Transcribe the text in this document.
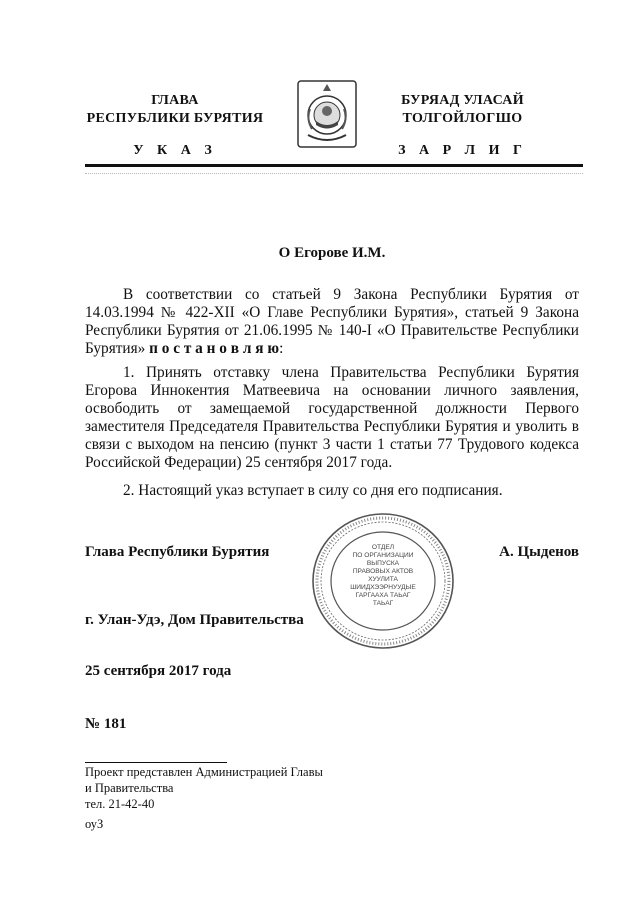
ГЛАВА
РЕСПУБЛИКИ БУРЯТИЯ
БУРЯАД УЛАСАЙ
ТОЛГОЙЛОГШО
У К А З	З А Р Л И Г
О Егорове И.М.
В соответствии со статьей 9 Закона Республики Бурятия от 14.03.1994 № 422-XII «О Главе Республики Бурятия», статьей 9 Закона Республики Бурятия от 21.06.1995 № 140-I «О Правительстве Республики Бурятия» п о с т а н о в л я ю:
1. Принять отставку члена Правительства Республики Бурятия Егорова Иннокентия Матвеевича на основании личного заявления, освободить от замещаемой государственной должности Первого заместителя Председателя Правительства Республики Бурятия и уволить в связи с выходом на пенсию (пункт 3 части 1 статьи 77 Трудового кодекса Российской Федерации) 25 сентября 2017 года.
2. Настоящий указ вступает в силу со дня его подписания.
Глава Республики Бурятия	А. Цыденов
ОТДЕЛ
ПО ОРГАНИЗАЦИИ
ВЫПУСКА
ПРАВОВЫХ АКТОВ
ХУУЛИТА
ШИИДХЭЭРНУУДЫЕ
ГАРГААХА ТАЬАГ
ТАЬАГ
г. Улан-Удэ, Дом Правительства
25 сентября 2017 года
№ 181
Проект представлен Администрацией Главы
и Правительства
тел. 21-42-40
оуЗ
